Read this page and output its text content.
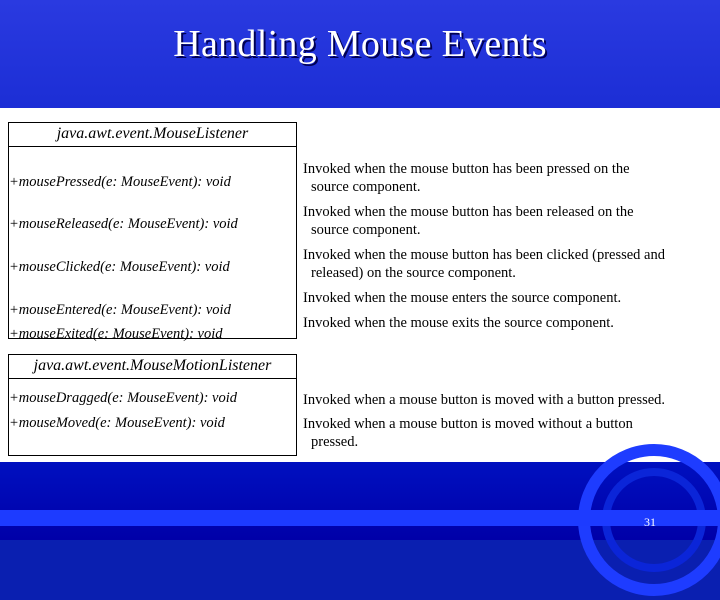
Handling Mouse Events
java.awt.event.MouseListener
+mousePressed(e: MouseEvent): void
+mouseReleased(e: MouseEvent): void
+mouseClicked(e: MouseEvent): void
+mouseEntered(e: MouseEvent): void
+mouseExited(e: MouseEvent): void
Invoked when the mouse button has been pressed on the
source component.
Invoked when the mouse button has been released on the
source component.
Invoked when the mouse button has been clicked (pressed and
released) on the source component.
Invoked when the mouse enters the source component.
Invoked when the mouse exits the source component.
java.awt.event.MouseMotionListener
+mouseDragged(e: MouseEvent): void
+mouseMoved(e: MouseEvent): void
Invoked when a mouse button is moved with a button pressed.
Invoked when a mouse button is moved without a button
pressed.
31
